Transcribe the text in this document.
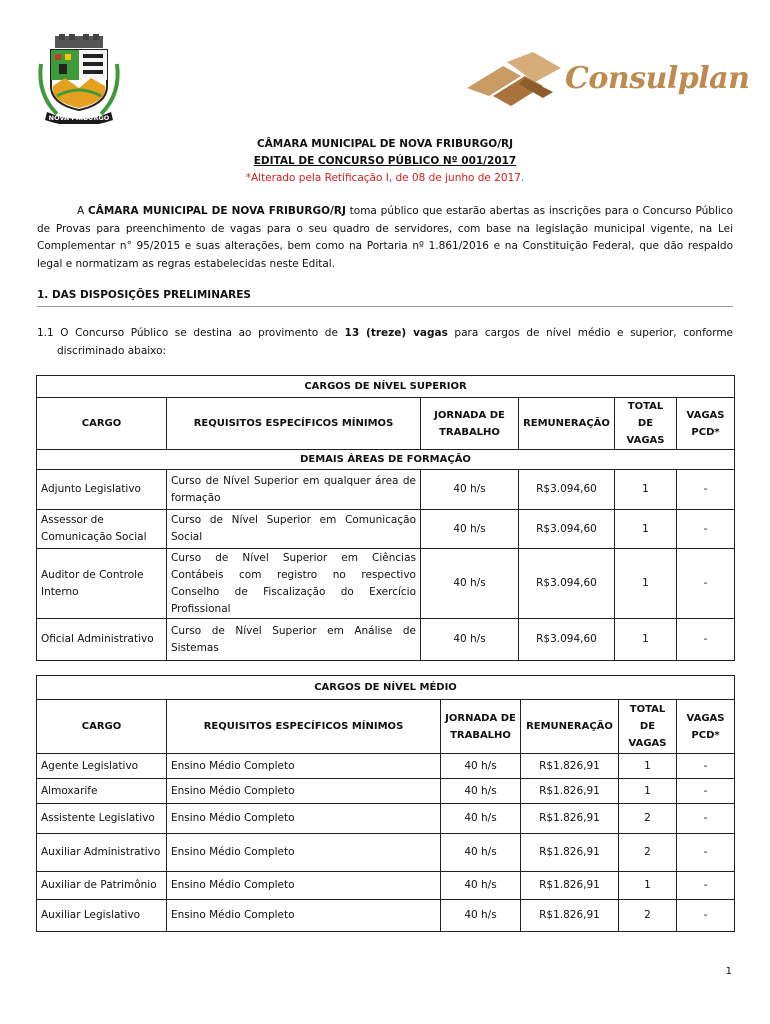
NOVA FRIBURGO
Consulplan
CÂMARA MUNICIPAL DE NOVA FRIBURGO/RJ
EDITAL DE CONCURSO PÚBLICO Nº 001/2017
*Alterado pela Retificação I, de 08 de junho de 2017.
A CÂMARA MUNICIPAL DE NOVA FRIBURGO/RJ toma público que estarão abertas as inscrições para o Concurso Público de Provas para preenchimento de vagas para o seu quadro de servidores, com base na legislação municipal vigente, na Lei Complementar n° 95/2015 e suas alterações, bem como na Portaria nº 1.861/2016 e na Constituição Federal, que dão respaldo legal e normatizam as regras estabelecidas neste Edital.
1. DAS DISPOSIÇÕES PRELIMINARES
1.1 O Concurso Público se destina ao provimento de 13 (treze) vagas para cargos de nível médio e superior, conforme
discriminado abaixo:
CARGOS DE NÍVEL SUPERIOR					
CARGO	REQUISITOS ESPECÍFICOS MÍNIMOS	JORNADA DE TRABALHO	REMUNERAÇÃO	TOTAL DE VAGAS	VAGAS PCD*
DEMAIS ÁREAS DE FORMAÇÃO					
Adjunto Legislativo	Curso de Nível Superior em qualquer área de formação	40 h/s	R$3.094,60	1	-
Assessor de Comunicação Social	Curso de Nível Superior em Comunicação Social	40 h/s	R$3.094,60	1	-
Auditor de Controle Interno	Curso de Nível Superior em Ciências Contábeis com registro no respectivo Conselho de Fiscalização do Exercício Profissional	40 h/s	R$3.094,60	1	-
Oficial Administrativo	Curso de Nível Superior em Análise de Sistemas	40 h/s	R$3.094,60	1	-
CARGOS DE NÍVEL MÉDIO					
CARGO	REQUISITOS ESPECÍFICOS MÍNIMOS	JORNADA DE TRABALHO	REMUNERAÇÃO	TOTAL DE VAGAS	VAGAS PCD*
Agente Legislativo	Ensino Médio Completo	40 h/s	R$1.826,91	1	-
Almoxarife	Ensino Médio Completo	40 h/s	R$1.826,91	1	-
Assistente Legislativo	Ensino Médio Completo	40 h/s	R$1.826,91	2	-
Auxiliar Administrativo	Ensino Médio Completo	40 h/s	R$1.826,91	2	-
Auxiliar de Patrimônio	Ensino Médio Completo	40 h/s	R$1.826,91	1	-
Auxiliar Legislativo	Ensino Médio Completo	40 h/s	R$1.826,91	2	-
1
